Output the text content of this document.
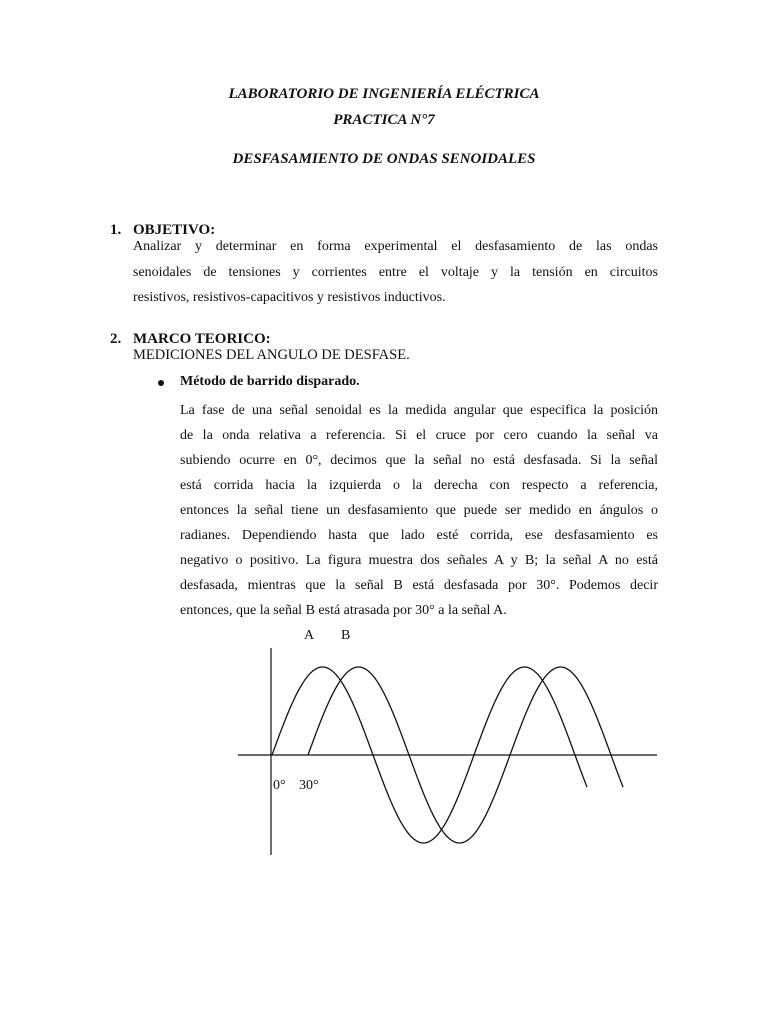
LABORATORIO DE INGENIERÍA ELÉCTRICA
PRACTICA N°7
DESFASAMIENTO DE ONDAS SENOIDALES
1. OBJETIVO:
Analizar y determinar en forma experimental el desfasamiento de las ondas
senoidales de tensiones y corrientes entre el voltaje y la tensión en circuitos
resistivos, resistivos-capacitivos y resistivos inductivos.
2. MARCO TEORICO:
MEDICIONES DEL ANGULO DE DESFASE.
Método de barrido disparado.
La fase de una señal senoidal es la medida angular que especifica la posición
de la onda relativa a referencia. Si el cruce por cero cuando la señal va
subiendo ocurre en 0°, decimos que la señal no está desfasada. Si la señal
está corrida hacia la izquierda o la derecha con respecto a referencia,
entonces la señal tiene un desfasamiento que puede ser medido en ángulos o
radianes. Dependiendo hasta que lado esté corrida, ese desfasamiento es
negativo o positivo. La figura muestra dos señales A y B; la señal A no está
desfasada, mientras que la señal B está desfasada por 30°. Podemos decir
entonces, que la señal B está atrasada por 30° a la señal A.
A B
0° 30°
